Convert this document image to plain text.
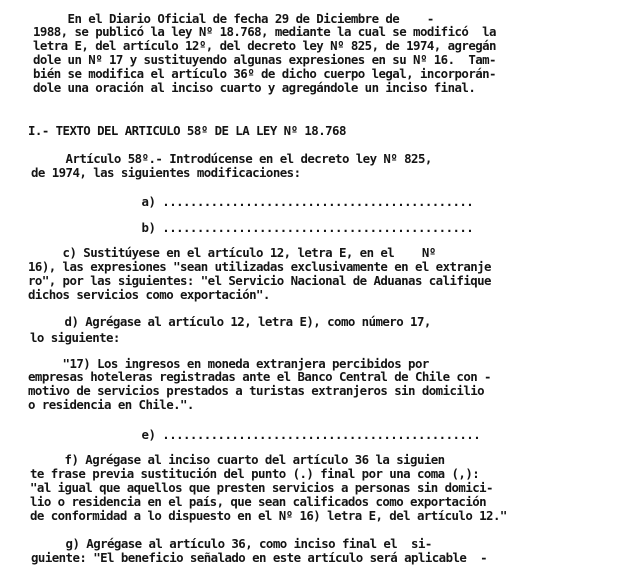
En el Diario Oficial de fecha 29 de Diciembre de    -
1988, se publicó la ley Nº 18.768, mediante la cual se modificó  la
letra E, del artículo 12º, del decreto ley Nº 825, de 1974, agregán
dole un Nº 17 y sustituyendo algunas expresiones en su Nº 16.  Tam-
bién se modifica el artículo 36º de dicho cuerpo legal, incorporán-
dole una oración al inciso cuarto y agregándole un inciso final.
I.- TEXTO DEL ARTICULO 58º DE LA LEY Nº 18.768
Artículo 58º.- Introdúcense en el decreto ley Nº 825,
de 1974, las siguientes modificaciones:
a) .............................................
b) .............................................
c) Sustitúyese en el artículo 12, letra E, en el    Nº
16), las expresiones "sean utilizadas exclusivamente en el extranje
ro", por las siguientes: "el Servicio Nacional de Aduanas califique
dichos servicios como exportación".
d) Agrégase al artículo 12, letra E), como número 17,
lo siguiente:
"17) Los ingresos en moneda extranjera percibidos por
empresas hoteleras registradas ante el Banco Central de Chile con -
motivo de servicios prestados a turistas extranjeros sin domicilio
o residencia en Chile.".
e) ..............................................
f) Agrégase al inciso cuarto del artículo 36 la siguien
te frase previa sustitución del punto (.) final por una coma (,):
"al igual que aquellos que presten servicios a personas sin domici-
lio o residencia en el país, que sean calificados como exportación
de conformidad a lo dispuesto en el Nº 16) letra E, del artículo 12."
g) Agrégase al artículo 36, como inciso final el  si-
guiente: "El beneficio señalado en este artículo será aplicable  -
